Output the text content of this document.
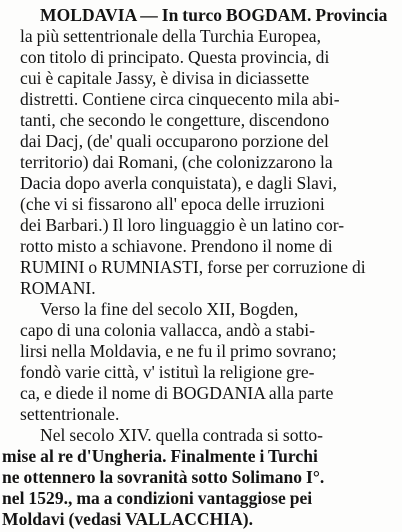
MOLDAVIA — In turco BOGDAM. Provincia
la più settentrionale della Turchia Europea,
con titolo di principato. Questa provincia, di
cui è capitale Jassy, è divisa in diciassette
distretti. Contiene circa cinquecento mila abi-
tanti, che secondo le congetture, discendono
dai Dacj, (de' quali occuparono porzione del
territorio) dai Romani, (che colonizzarono la
Dacia dopo averla conquistata), e dagli Slavi,
(che vi si fissarono all' epoca delle irruzioni
dei Barbari.) Il loro linguaggio è un latino cor-
rotto misto a schiavone. Prendono il nome di
RUMINI o RUMNIASTI, forse per corruzione di
ROMANI.
Verso la fine del secolo XII, Bogden,
capo di una colonia vallacca, andò a stabi-
lirsi nella Moldavia, e ne fu il primo sovrano;
fondò varie città, v' istituì la religione gre-
ca, e diede il nome di BOGDANIA alla parte
settentrionale.
Nel secolo XIV. quella contrada si sotto-
mise al re d'Ungheria. Finalmente i Turchi
ne ottennero la sovranità sotto Solimano I°.
nel 1529., ma a condizioni vantaggiose pei
Moldavi (vedasi VALLACCHIA).
